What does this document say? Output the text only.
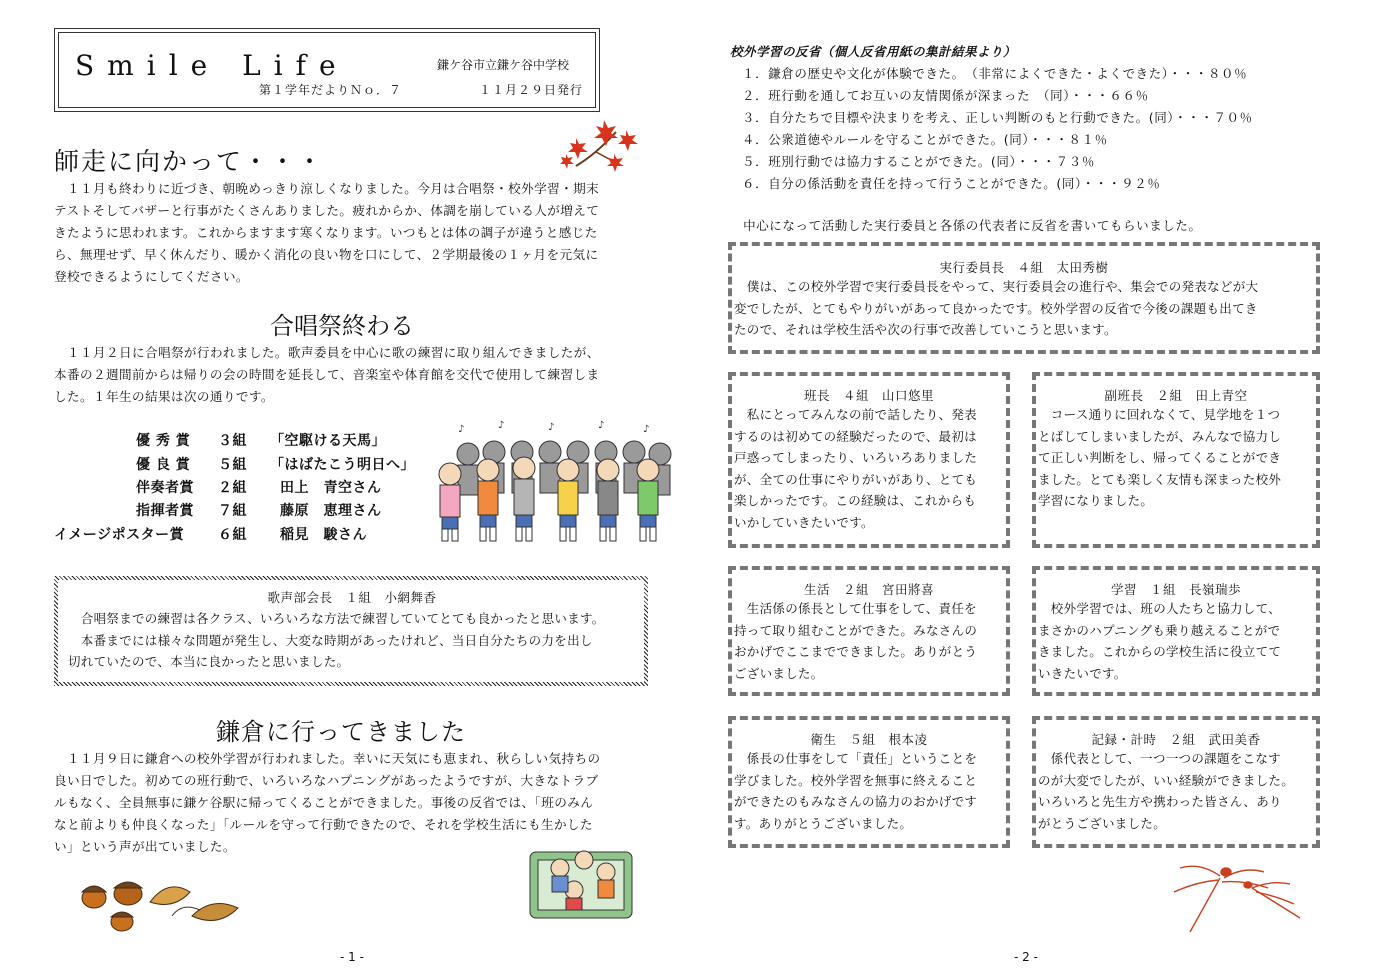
Smile Life	鎌ケ谷市立鎌ケ谷中学校
第１学年だよりＮｏ．７	１１月２９日発行
師走に向かって・・・
　１１月も終わりに近づき、朝晩めっきり涼しくなりました。今月は合唱祭・校外学習・期末
テストそしてバザーと行事がたくさんありました。疲れからか、体調を崩している人が増えて
きたように思われます。これからますます寒くなります。いつもとは体の調子が違うと感じた
ら、無理せず、早く休んだり、暖かく消化の良い物を口にして、２学期最後の１ヶ月を元気に
登校できるようにしてください。
合唱祭終わる
　１１月２日に合唱祭が行われました。歌声委員を中心に歌の練習に取り組んできましたが、
本番の２週間前からは帰りの会の時間を延長して、音楽室や体育館を交代で使用して練習しま
した。１年生の結果は次の通りです。
優 秀 賞 ３組 「空駆ける天馬」
優 良 賞 ５組 「はばたこう明日へ」
伴奏者賞 ２組 田上　青空さん
指揮者賞 ７組 藤原　恵理さん
イメージポスター賞 ６組 稲見　駿さん
♪	♪	♪	♪	♪
歌声部会長　１組　小網舞香
　合唱祭までの練習は各クラス、いろいろな方法で練習していてとても良かったと思います。
　本番までには様々な問題が発生し、大変な時期があったけれど、当日自分たちの力を出し
切れていたので、本当に良かったと思いました。
鎌倉に行ってきました
　１１月９日に鎌倉への校外学習が行われました。幸いに天気にも恵まれ、秋らしい気持ちの
良い日でした。初めての班行動で、いろいろなハプニングがあったようですが、大きなトラブ
ルもなく、全員無事に鎌ケ谷駅に帰ってくることができました。事後の反省では、「班のみん
なと前よりも仲良くなった」「ルールを守って行動できたので、それを学校生活にも生かした
い」という声が出ていました。
- 1 -
校外学習の反省（個人反省用紙の集計結果より）
１．鎌倉の歴史や文化が体験できた。　（非常によくできた・よくできた）・・・８０％
２．班行動を通してお互いの友情関係が深まった　（同）・・・６６％
３．自分たちで目標や決まりを考え、正しい判断のもと行動できた。(同）・・・７０％
４．公衆道徳やルールを守ることができた。(同）・・・８１％
５．班別行動では協力することができた。(同）・・・７３％
６．自分の係活動を責任を持って行うことができた。(同）・・・９２％
　中心になって活動した実行委員と各係の代表者に反省を書いてもらいました。
実行委員長　４組　太田秀樹
　僕は、この校外学習で実行委員長をやって、実行委員会の進行や、集会での発表などが大
変でしたが、とてもやりがいがあって良かったです。校外学習の反省で今後の課題も出てき
たので、それは学校生活や次の行事で改善していこうと思います。
班長　４組　山口悠里
　私にとってみんなの前で話したり、発表
するのは初めての経験だったので、最初は
戸惑ってしまったり、いろいろありました
が、全ての仕事にやりがいがあり、とても
楽しかったです。この経験は、これからも
いかしていきたいです。
副班長　２組　田上青空
　コース通りに回れなくて、見学地を１つ
とばしてしまいましたが、みんなで協力し
て正しい判断をし、帰ってくることができ
ました。とても楽しく友情も深まった校外
学習になりました。
生活　２組　宮田將喜
　生活係の係長として仕事をして、責任を
持って取り組むことができた。みなさんの
おかげでここまでできました。ありがとう
ございました。
学習　１組　長嶺瑞歩
　校外学習では、班の人たちと協力して、
まさかのハプニングも乗り越えることがで
きました。これからの学校生活に役立てて
いきたいです。
衛生　５組　根本凌
　係長の仕事をして「責任」ということを
学びました。校外学習を無事に終えること
ができたのもみなさんの協力のおかげです
す。ありがとうございました。
記録・計時　２組　武田美香
　係代表として、一つ一つの課題をこなす
のが大変でしたが、いい経験ができました。
いろいろと先生方や携わった皆さん、あり
がとうございました。
- 2 -
